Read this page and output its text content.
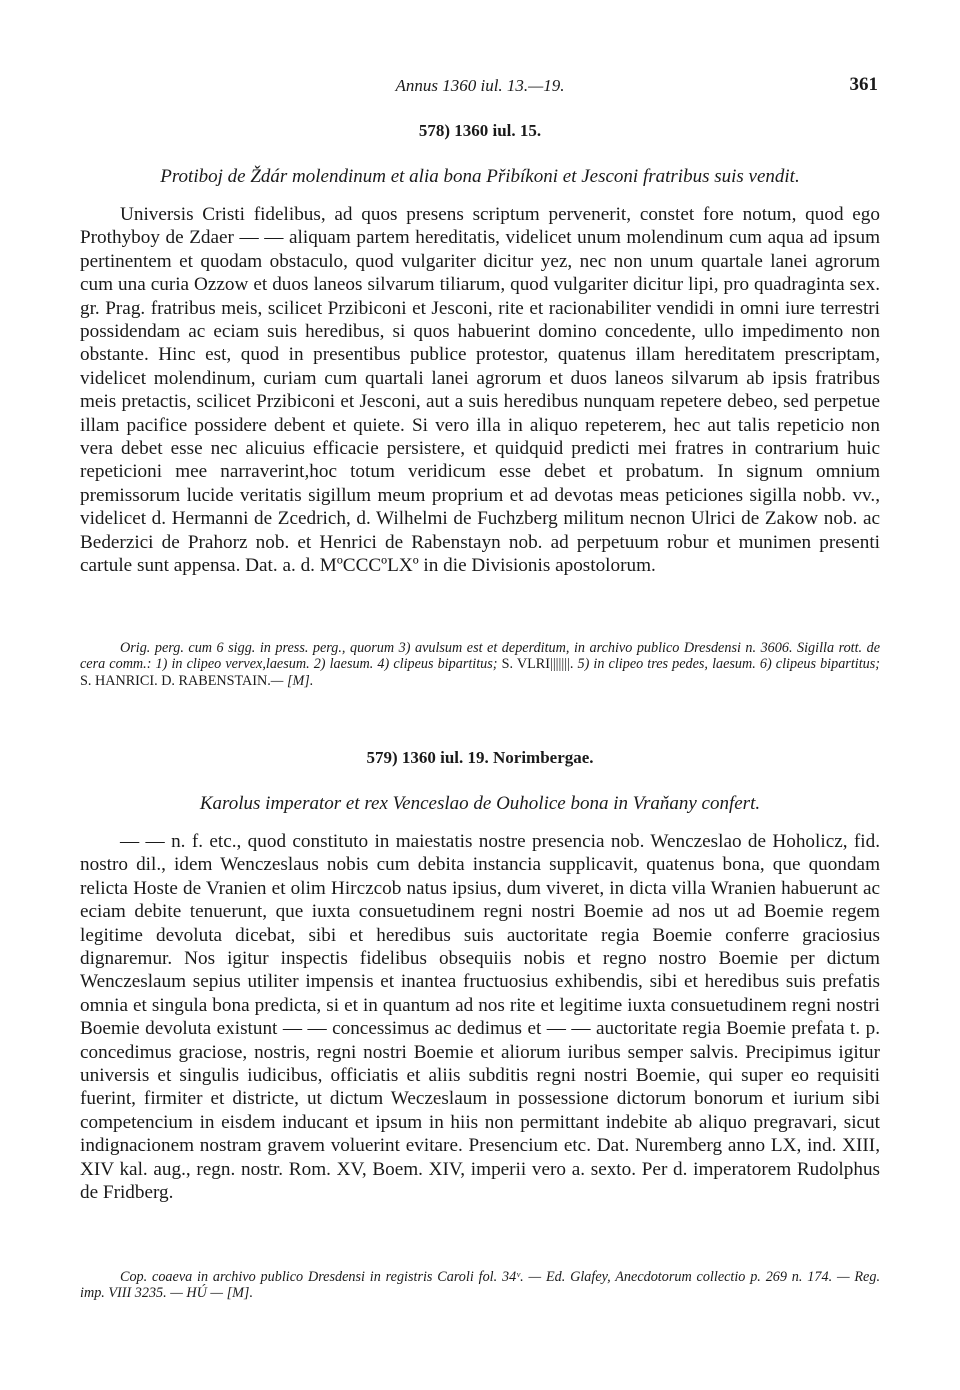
Annus 1360 iul. 13.—19.	361
578) 1360 iul. 15.
Protiboj de Ždár molendinum et alia bona Přibíkoni et Jesconi fratribus suis vendit.

Universis Cristi fidelibus, ad quos presens scriptum pervenerit, constet fore notum, quod ego Prothyboy de Zdaer — — aliquam partem hereditatis, videlicet unum molendinum cum aqua ad ipsum pertinentem et quodam obstaculo, quod vulgariter dicitur yez, nec non unum quartale lanei agrorum cum una curia Ozzow et duos laneos silvarum tiliarum, quod vulgariter dicitur lipi, pro quadraginta sex. gr. Prag. fratribus meis, scilicet Przibiconi et Jesconi, rite et racionabiliter vendidi in omni iure terrestri possidendam ac eciam suis heredibus, si quos habuerint domino concedente, ullo impedimento non obstante. Hinc est, quod in presentibus publice protestor, quatenus illam hereditatem prescriptam, videlicet molendinum, curiam cum quartali lanei agrorum et duos laneos silvarum ab ipsis fratribus meis pretactis, scilicet Przibiconi et Jesconi, aut a suis heredibus nunquam repetere debeo, sed perpetue illam pacifice possidere debent et quiete. Si vero illa in aliquo repeterem, hec aut talis repeticio non vera debet esse nec alicuius efficacie persistere, et quidquid predicti mei fratres in contrarium huic repeticioni mee narraverint,hoc totum veridicum esse debet et probatum. In signum omnium premissorum lucide veritatis sigillum meum proprium et ad devotas meas peticiones sigilla nobb. vv., videlicet d. Hermanni de Zcedrich, d. Wilhelmi de Fuchzberg militum necnon Ulrici de Zakow nob. ac Bederzici de Prahorz nob. et Henrici de Rabenstayn nob. ad perpetuum robur et munimen presenti cartule sunt appensa. Dat. a. d. MºCCCºLXº in die Divisionis apostolorum.

Orig. perg. cum 6 sigg. in press. perg., quorum 3) avulsum est et deperditum, in archivo publico Dresdensi n. 3606. Sigilla rott. de cera comm.: 1) in clipeo vervex,laesum. 2) laesum. 4) clipeus bipartitus; S. VLRI|||||||. 5) in clipeo tres pedes, laesum. 6) clipeus bipartitus; S. HANRICI. D. RABENSTAIN.— [M].

579) 1360 iul. 19. Norimbergae.
Karolus imperator et rex Venceslao de Ouholice bona in Vraňany confert.

— — n. f. etc., quod constituto in maiestatis nostre presencia nob. Wenczeslao de Hoholicz, fid. nostro dil., idem Wenczeslaus nobis cum debita instancia supplicavit, quatenus bona, que quondam relicta Hoste de Vranien et olim Hirczcob natus ipsius, dum viveret, in dicta villa Wranien habuerunt ac eciam debite tenuerunt, que iuxta consuetudinem regni nostri Boemie ad nos ut ad Boemie regem legitime devoluta dicebat, sibi et heredibus suis auctoritate regia Boemie conferre graciosius dignaremur. Nos igitur inspectis fidelibus obsequiis nobis et regno nostro Boemie per dictum Wenczeslaum sepius utiliter impensis et inantea fructuosius exhibendis, sibi et heredibus suis prefatis omnia et singula bona predicta, si et in quantum ad nos rite et legitime iuxta consuetudinem regni nostri Boemie devoluta existunt — — concessimus ac dedimus et — — auctoritate regia Boemie prefata t. p. concedimus graciose, nostris, regni nostri Boemie et aliorum iuribus semper salvis. Precipimus igitur universis et singulis iudicibus, officiatis et aliis subditis regni nostri Boemie, qui super eo requisiti fuerint, firmiter et districte, ut dictum Weczeslaum in possessione dictorum bonorum et iurium sibi competencium in eisdem inducant et ipsum in hiis non permittant indebite ab aliquo pregravari, sicut indignacionem nostram gravem voluerint evitare. Presencium etc. Dat. Nuremberg anno LX, ind. XIII, XIV kal. aug., regn. nostr. Rom. XV, Boem. XIV, imperii vero a. sexto. Per d. imperatorem Rudolphus de Fridberg.

Cop. coaeva in archivo publico Dresdensi in registris Caroli fol. 34ᵛ. — Ed. Glafey, Anecdotorum collectio p. 269 n. 174. — Reg. imp. VIII 3235. — HÚ — [M].
